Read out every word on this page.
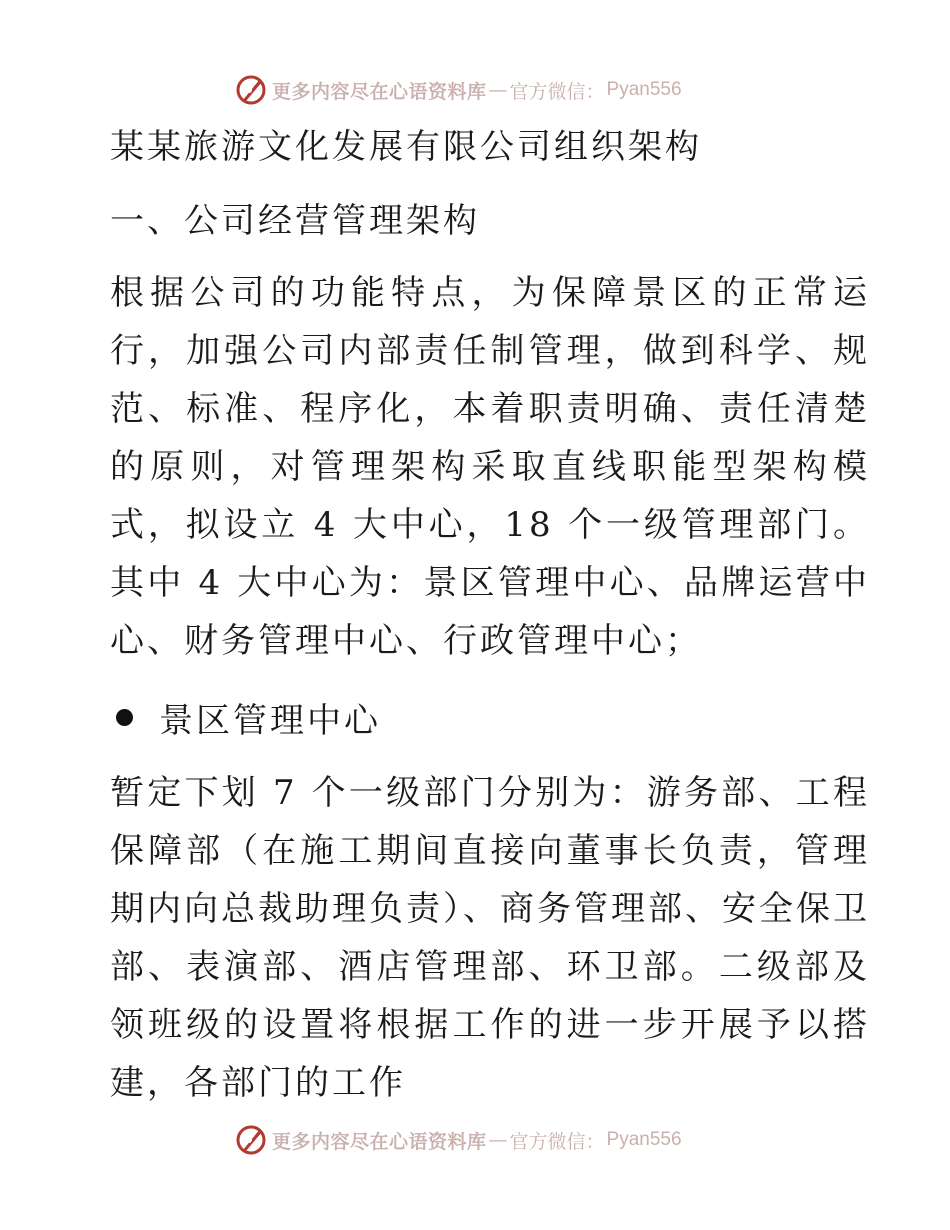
更多内容尽在心语资料库 — 官方微信： Pyan556
某某旅游文化发展有限公司组织架构
一、公司经营管理架构

根据公司的功能特点，为保障景区的正常运行，加强公司内部责任制管理，做到科学、规范、标准、程序化，本着职责明确、责任清楚的原则，对管理架构采取直线职能型架构模式，拟设立 4 大中心，18 个一级管理部门。其中 4 大中心为：景区管理中心、品牌运营中心、财务管理中心、行政管理中心；

景区管理中心

暂定下划 7 个一级部门分别为：游务部、工程保障部（在施工期间直接向董事长负责，管理期内向总裁助理负责）、商务管理部、安全保卫部、表演部、酒店管理部、环卫部。二级部及领班级的设置将根据工作的进一步开展予以搭建，各部门的工作

更多内容尽在心语资料库 — 官方微信： Pyan556
